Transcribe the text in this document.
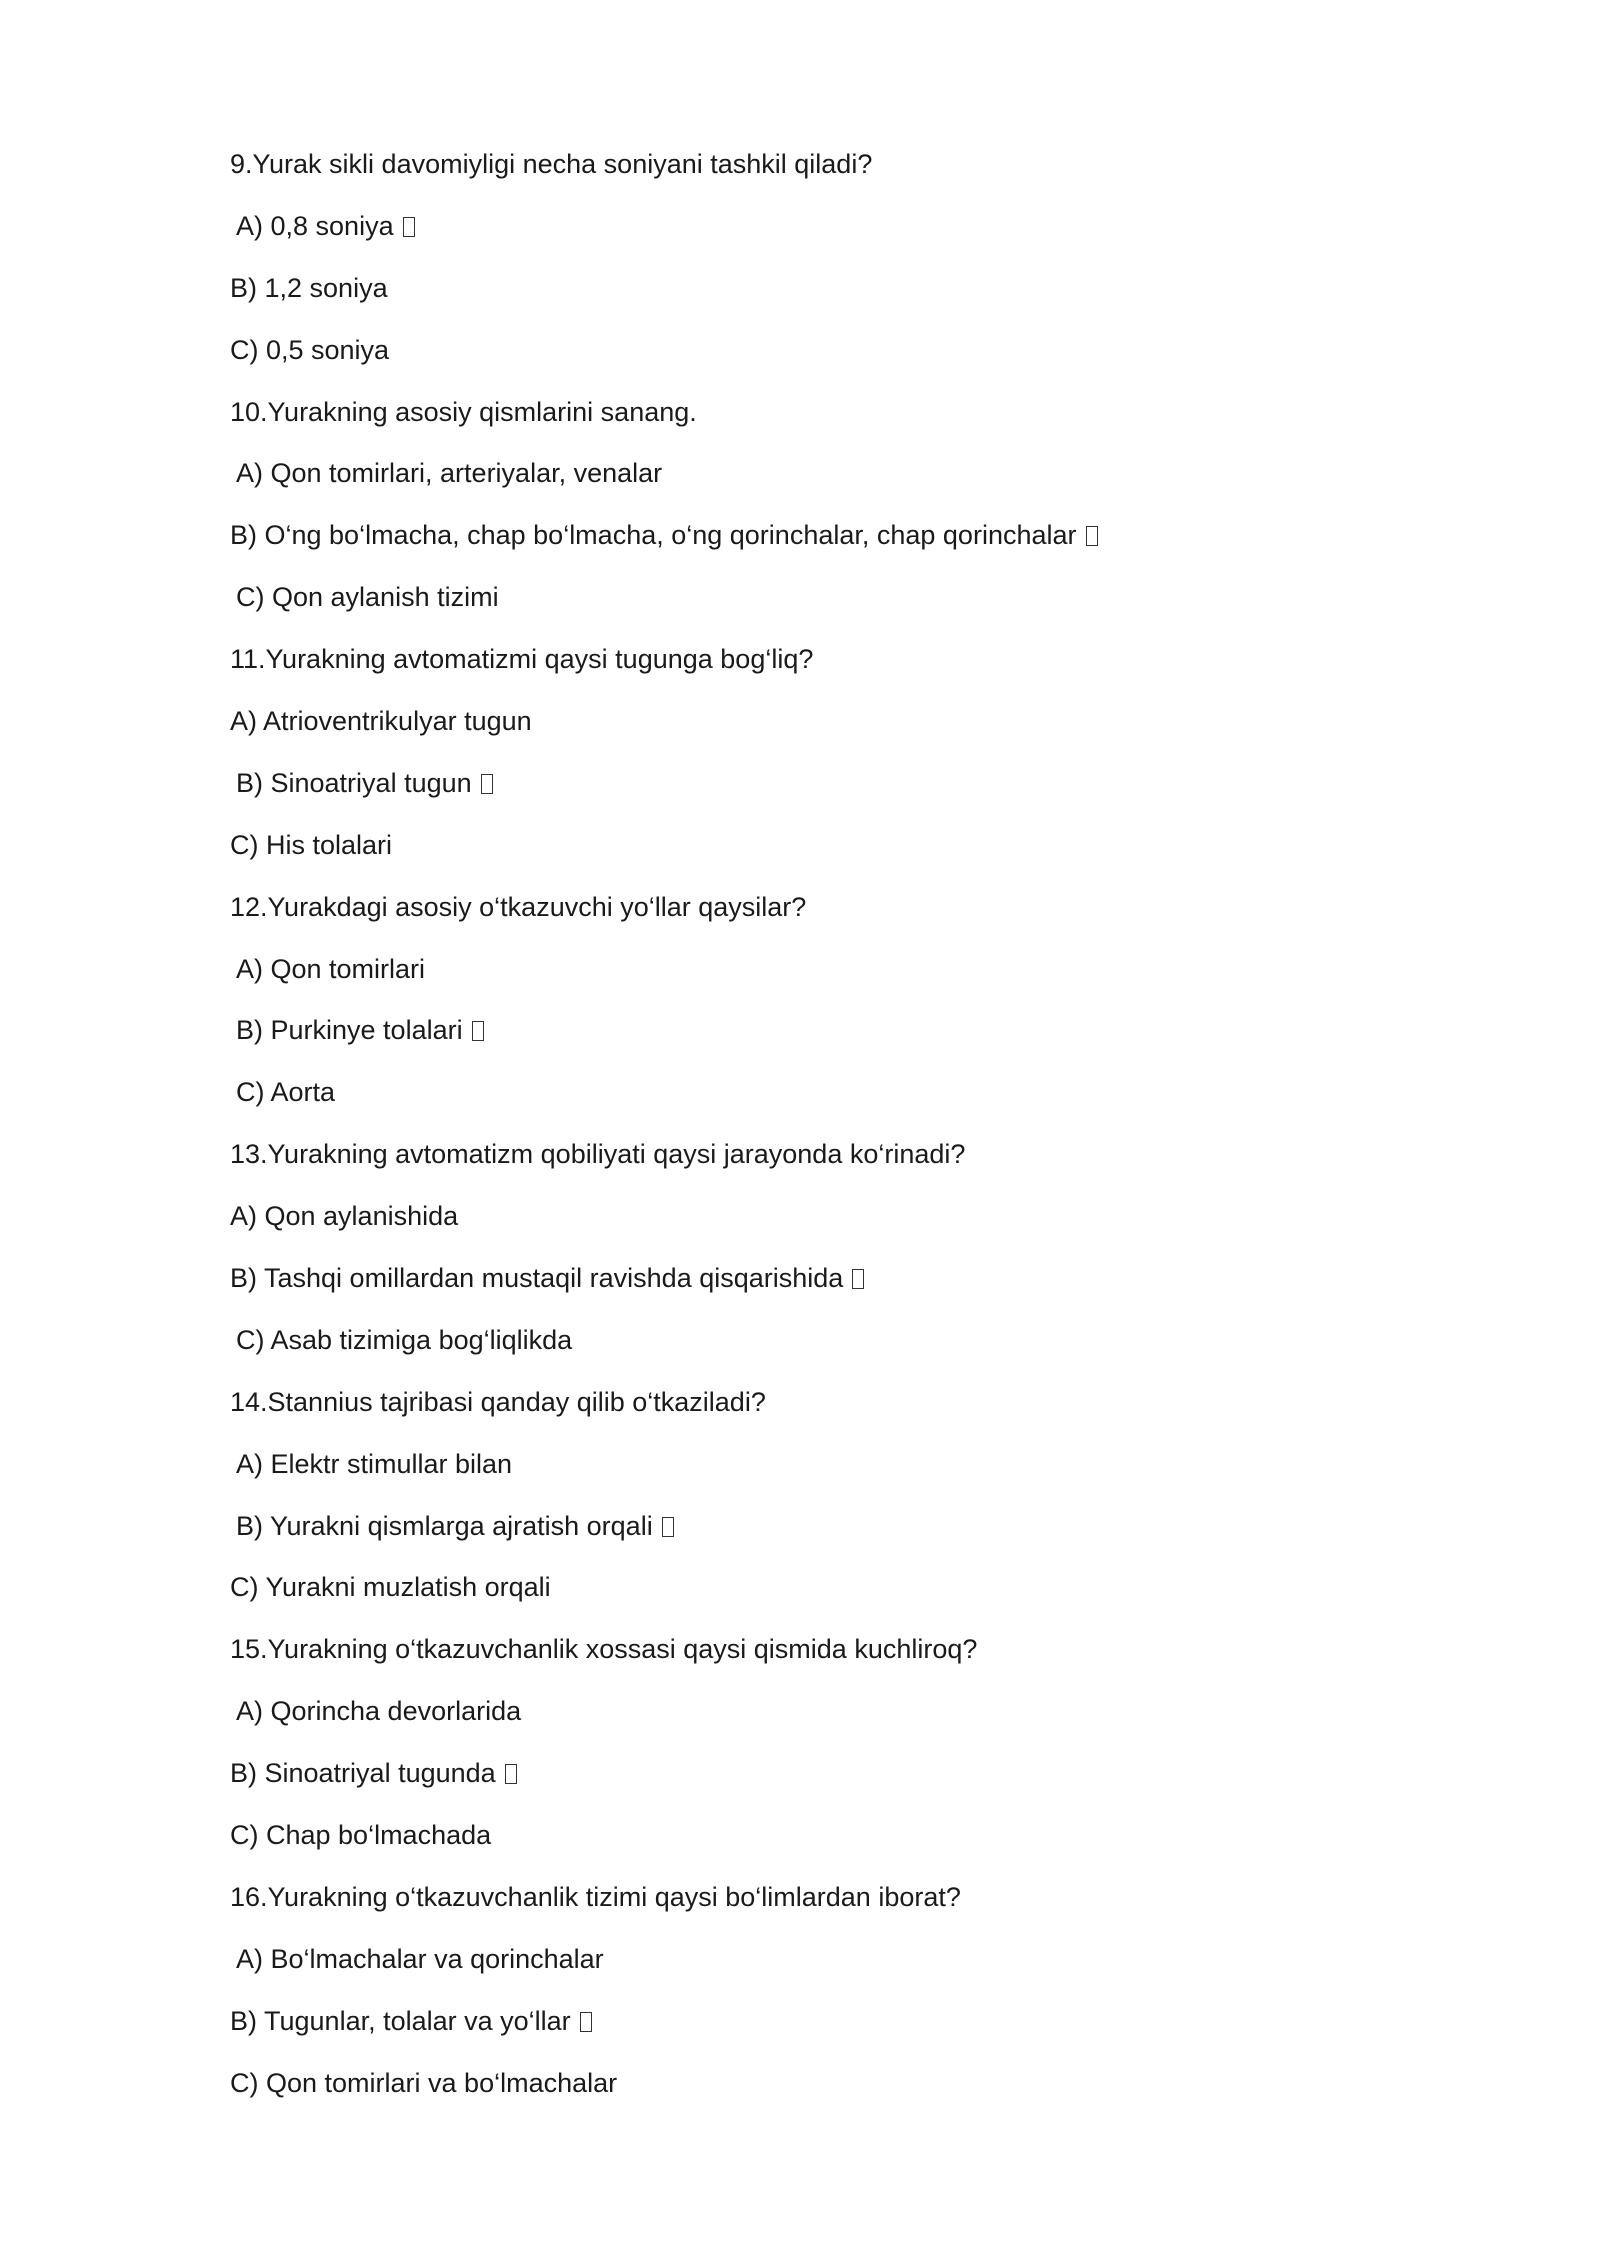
9.Yurak sikli davomiyligi necha soniyani tashkil qiladi?
A) 0,8 soniya
B) 1,2 soniya
C) 0,5 soniya
10.Yurakning asosiy qismlarini sanang.
A) Qon tomirlari, arteriyalar, venalar
B) O‘ng bo‘lmacha, chap bo‘lmacha, o‘ng qorinchalar, chap qorinchalar
C) Qon aylanish tizimi
11.Yurakning avtomatizmi qaysi tugunga bog‘liq?
A) Atrioventrikulyar tugun
B) Sinoatriyal tugun
C) His tolalari
12.Yurakdagi asosiy o‘tkazuvchi yo‘llar qaysilar?
A) Qon tomirlari
B) Purkinye tolalari
C) Aorta
13.Yurakning avtomatizm qobiliyati qaysi jarayonda ko‘rinadi?
A) Qon aylanishida
B) Tashqi omillardan mustaqil ravishda qisqarishida
C) Asab tizimiga bog‘liqlikda
14.Stannius tajribasi qanday qilib o‘tkaziladi?
A) Elektr stimullar bilan
B) Yurakni qismlarga ajratish orqali
C) Yurakni muzlatish orqali
15.Yurakning o‘tkazuvchanlik xossasi qaysi qismida kuchliroq?
A) Qorincha devorlarida
B) Sinoatriyal tugunda
C) Chap bo‘lmachada
16.Yurakning o‘tkazuvchanlik tizimi qaysi bo‘limlardan iborat?
A) Bo‘lmachalar va qorinchalar
B) Tugunlar, tolalar va yo‘llar
C) Qon tomirlari va bo‘lmachalar
